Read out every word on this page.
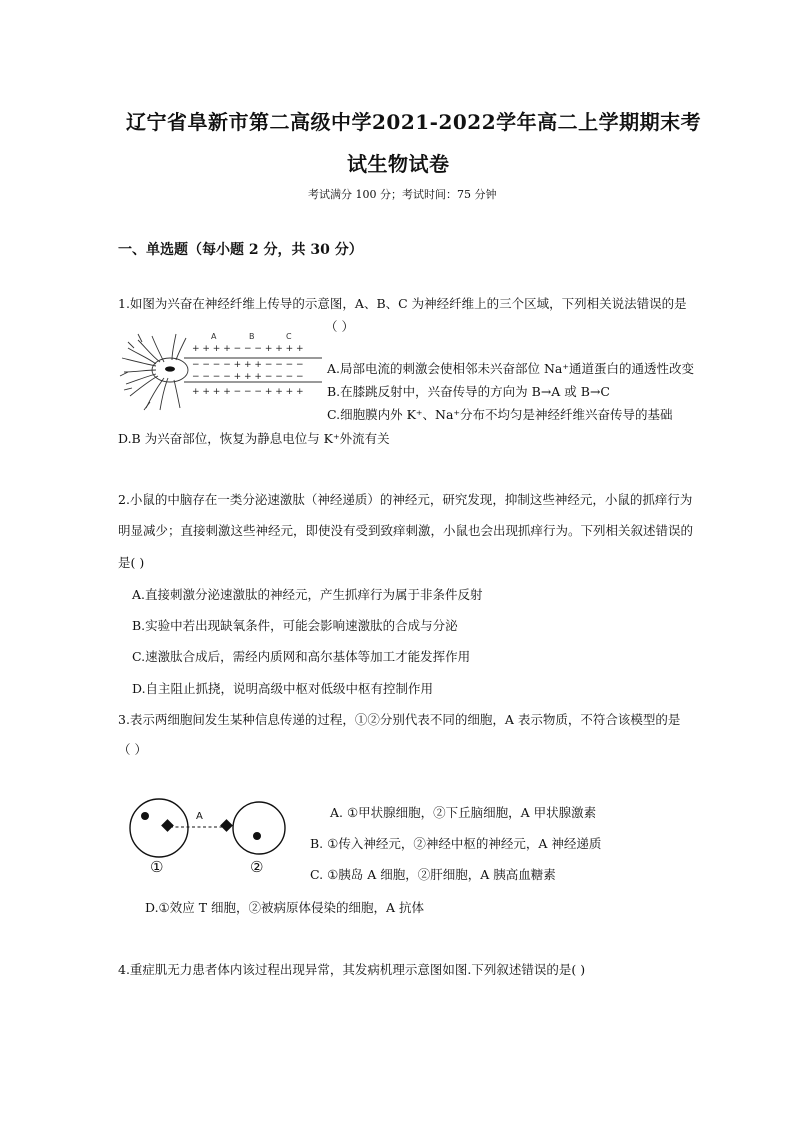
辽宁省阜新市第二高级中学2021-2022学年高二上学期期末考
试生物试卷
考试满分 100 分；考试时间：75 分钟
一、单选题（每小题 2 分，共 30 分）
1.如图为兴奋在神经纤维上传导的示意图，A、B、C 为神经纤维上的三个区域，下列相关说法错误的是
（ ）
A	B	C
+ + + + − − − + + + +
− − − − + + + − − − −
− − − − + + + − − − −
+ + + + − − − + + + +
A.局部电流的刺激会使相邻未兴奋部位 Na⁺通道蛋白的通透性改变
B.在膝跳反射中，兴奋传导的方向为 B→A 或 B→C
C.细胞膜内外 K⁺、Na⁺分布不均匀是神经纤维兴奋传导的基础
D.B 为兴奋部位，恢复为静息电位与 K⁺外流有关
2.小鼠的中脑存在一类分泌速激肽（神经递质）的神经元，研究发现，抑制这些神经元，小鼠的抓痒行为
明显减少；直接刺激这些神经元，即使没有受到致痒刺激，小鼠也会出现抓痒行为。下列相关叙述错误的
是( )
A.直接刺激分泌速激肽的神经元，产生抓痒行为属于非条件反射
B.实验中若出现缺氧条件，可能会影响速激肽的合成与分泌
C.速激肽合成后，需经内质网和高尔基体等加工才能发挥作用
D.自主阻止抓挠，说明高级中枢对低级中枢有控制作用
3.表示两细胞间发生某种信息传递的过程，①②分别代表不同的细胞，A 表示物质，不符合该模型的是
（ ）
A
①	②
A. ①甲状腺细胞，②下丘脑细胞，A 甲状腺激素
B. ①传入神经元，②神经中枢的神经元，A 神经递质
C. ①胰岛 A 细胞，②肝细胞，A 胰高血糖素
D.①效应 T 细胞，②被病原体侵染的细胞，A 抗体
4.重症肌无力患者体内该过程出现异常，其发病机理示意图如图.下列叙述错误的是( )
